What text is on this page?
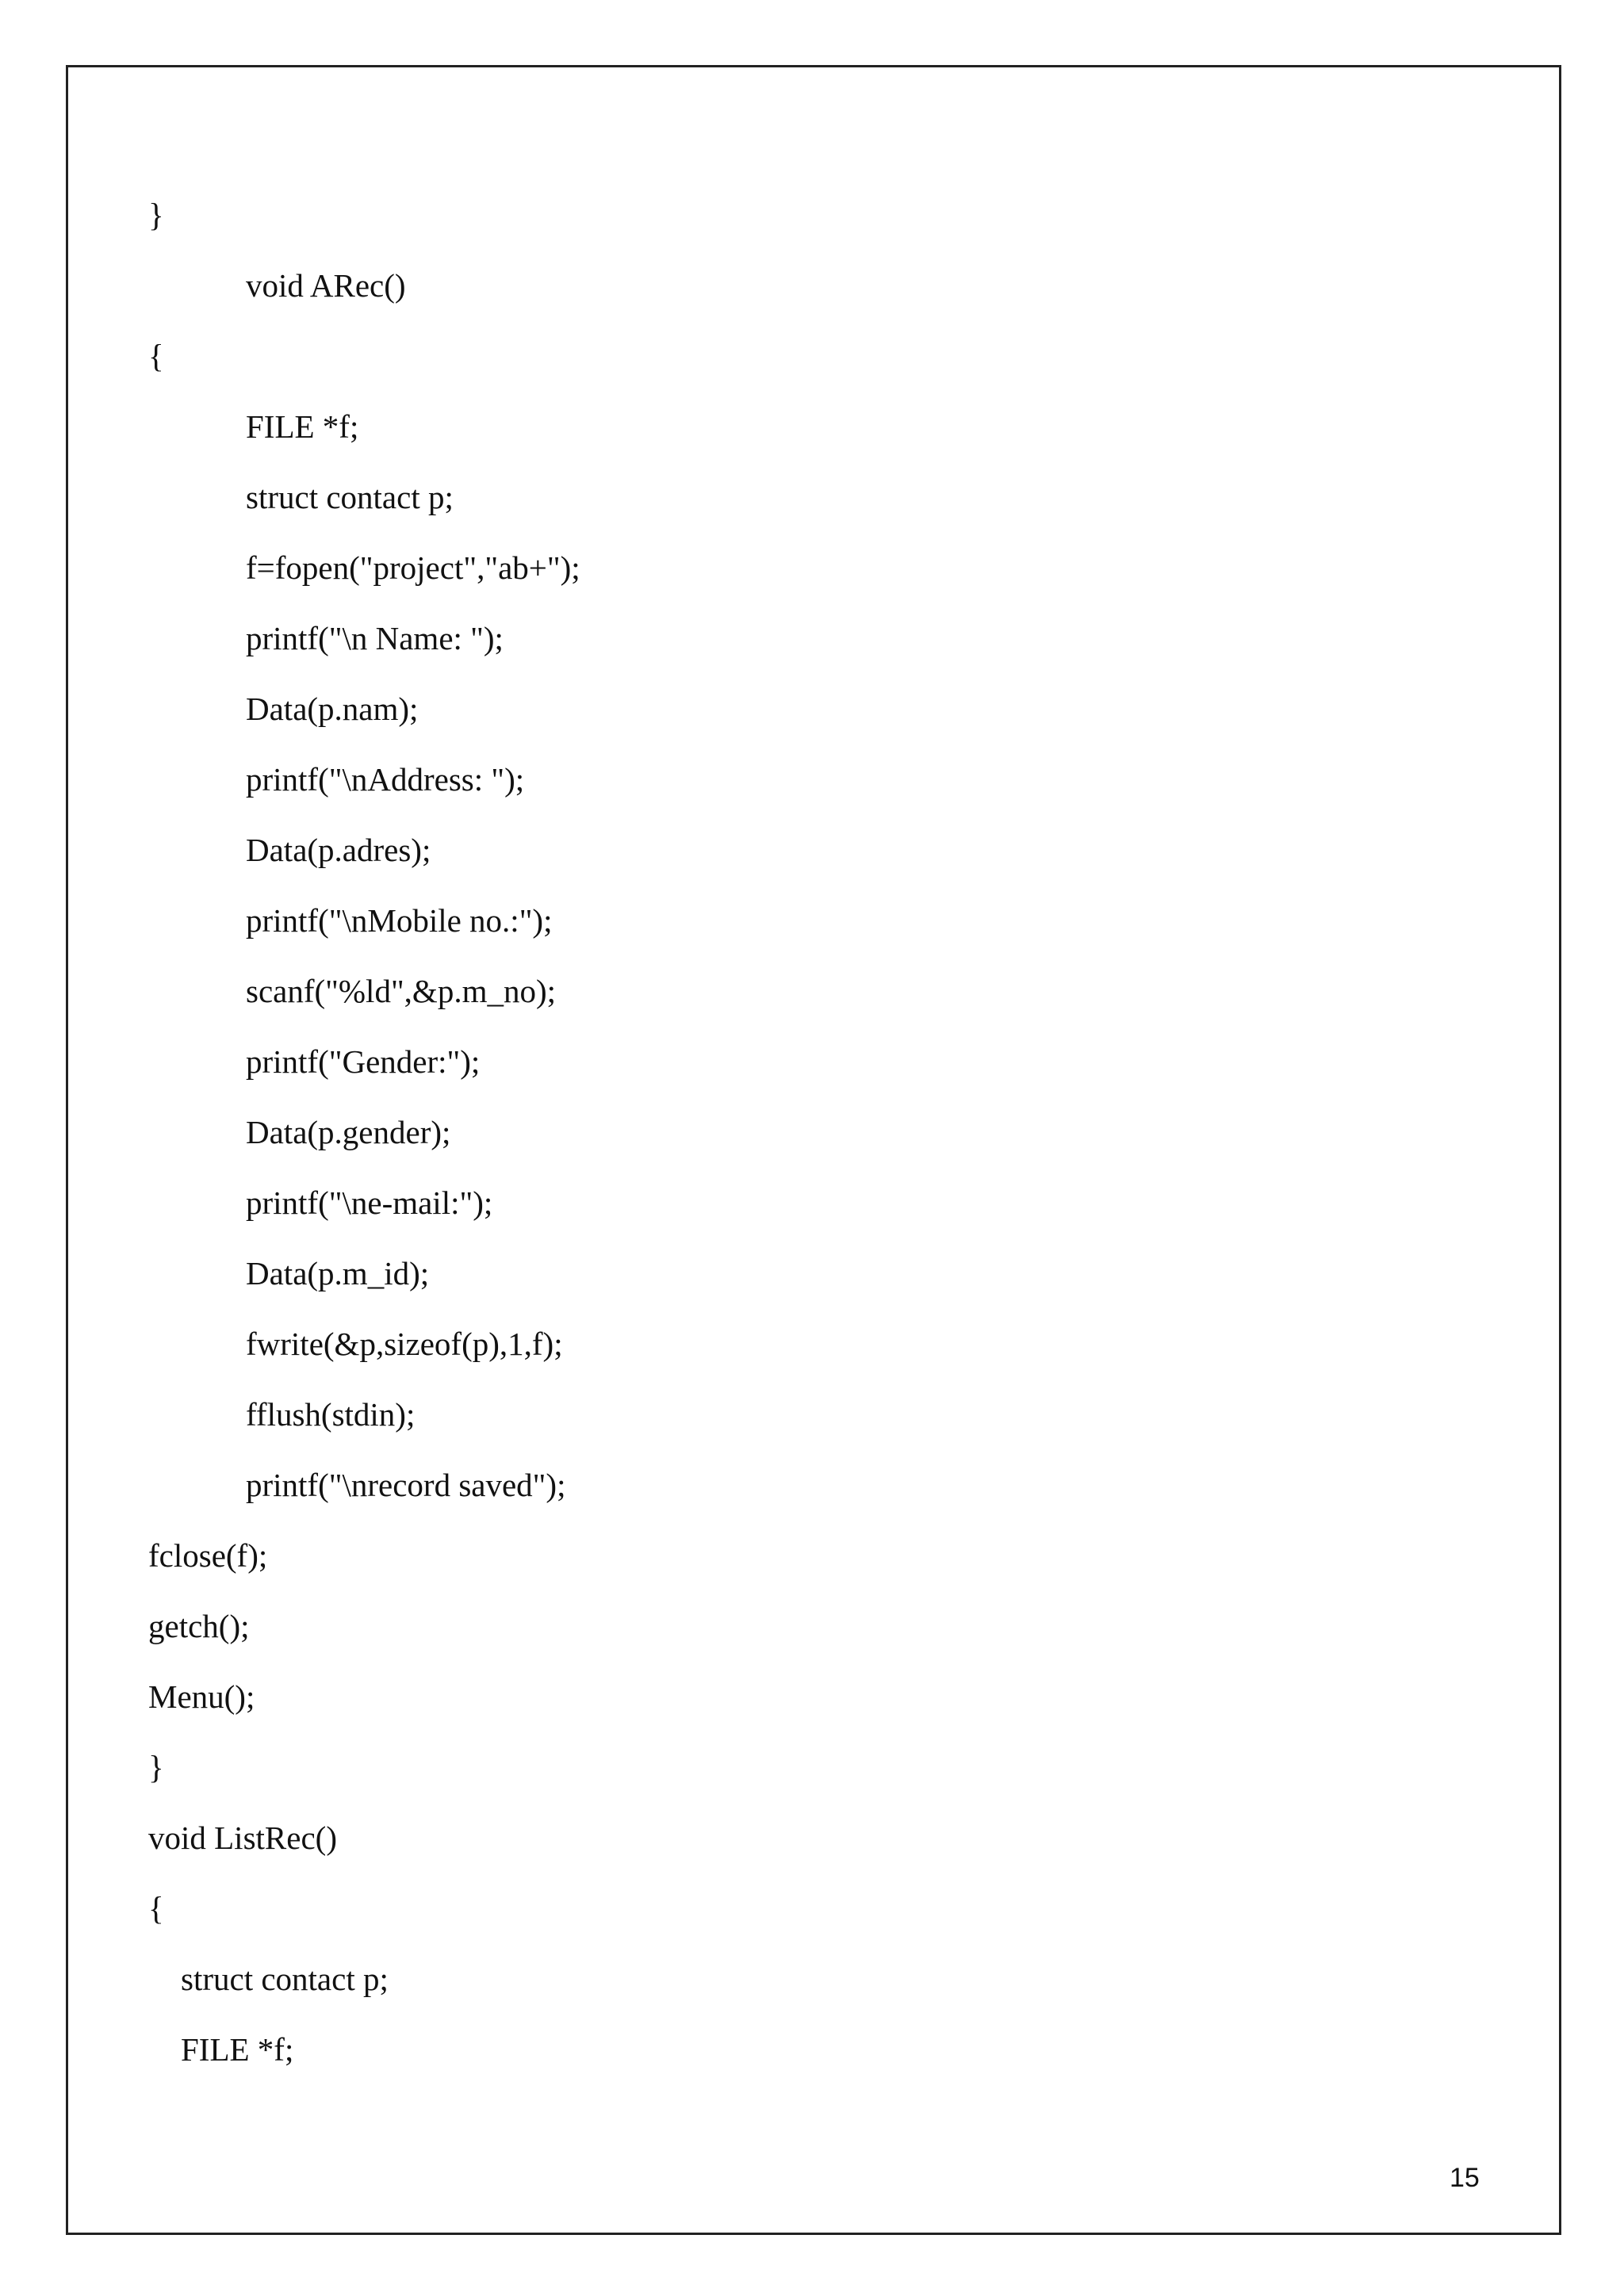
}
void ARec()
{
FILE *f;
struct contact p;
f=fopen("project","ab+");
printf("\n Name: ");
Data(p.nam);
printf("\nAddress: ");
Data(p.adres);
printf("\nMobile no.:");
scanf("%ld",&p.m_no);
printf("Gender:");
Data(p.gender);
printf("\ne-mail:");
Data(p.m_id);
fwrite(&p,sizeof(p),1,f);
fflush(stdin);
printf("\nrecord saved");
fclose(f);
getch();
Menu();
}
void ListRec()
{
struct contact p;
FILE *f;
15
